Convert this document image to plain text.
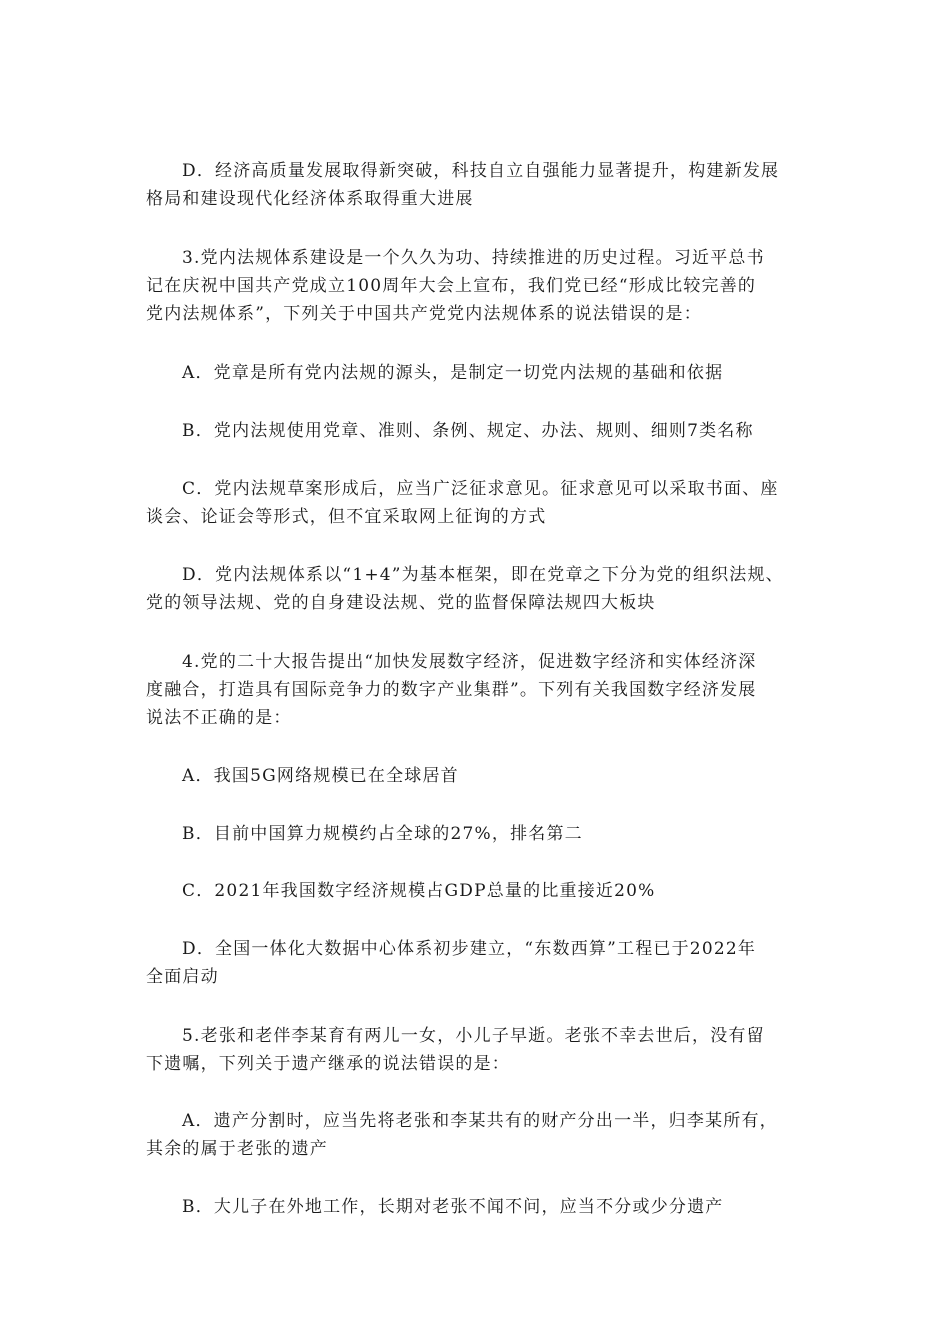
D．经济高质量发展取得新突破，科技自立自强能力显著提升，构建新发展
格局和建设现代化经济体系取得重大进展

3.党内法规体系建设是一个久久为功、持续推进的历史过程。习近平总书
记在庆祝中国共产党成立100周年大会上宣布，我们党已经“形成比较完善的
党内法规体系”，下列关于中国共产党党内法规体系的说法错误的是：

A．党章是所有党内法规的源头，是制定一切党内法规的基础和依据

B．党内法规使用党章、准则、条例、规定、办法、规则、细则7类名称

C．党内法规草案形成后，应当广泛征求意见。征求意见可以采取书面、座
谈会、论证会等形式，但不宜采取网上征询的方式

D．党内法规体系以“1+4”为基本框架，即在党章之下分为党的组织法规、
党的领导法规、党的自身建设法规、党的监督保障法规四大板块

4.党的二十大报告提出“加快发展数字经济，促进数字经济和实体经济深
度融合，打造具有国际竞争力的数字产业集群”。下列有关我国数字经济发展
说法不正确的是：

A．我国5G网络规模已在全球居首

B．目前中国算力规模约占全球的27%，排名第二

C．2021年我国数字经济规模占GDP总量的比重接近20%

D．全国一体化大数据中心体系初步建立，“东数西算”工程已于2022年
全面启动

5.老张和老伴李某育有两儿一女，小儿子早逝。老张不幸去世后，没有留
下遗嘱，下列关于遗产继承的说法错误的是：

A．遗产分割时，应当先将老张和李某共有的财产分出一半，归李某所有，
其余的属于老张的遗产

B．大儿子在外地工作，长期对老张不闻不问，应当不分或少分遗产
